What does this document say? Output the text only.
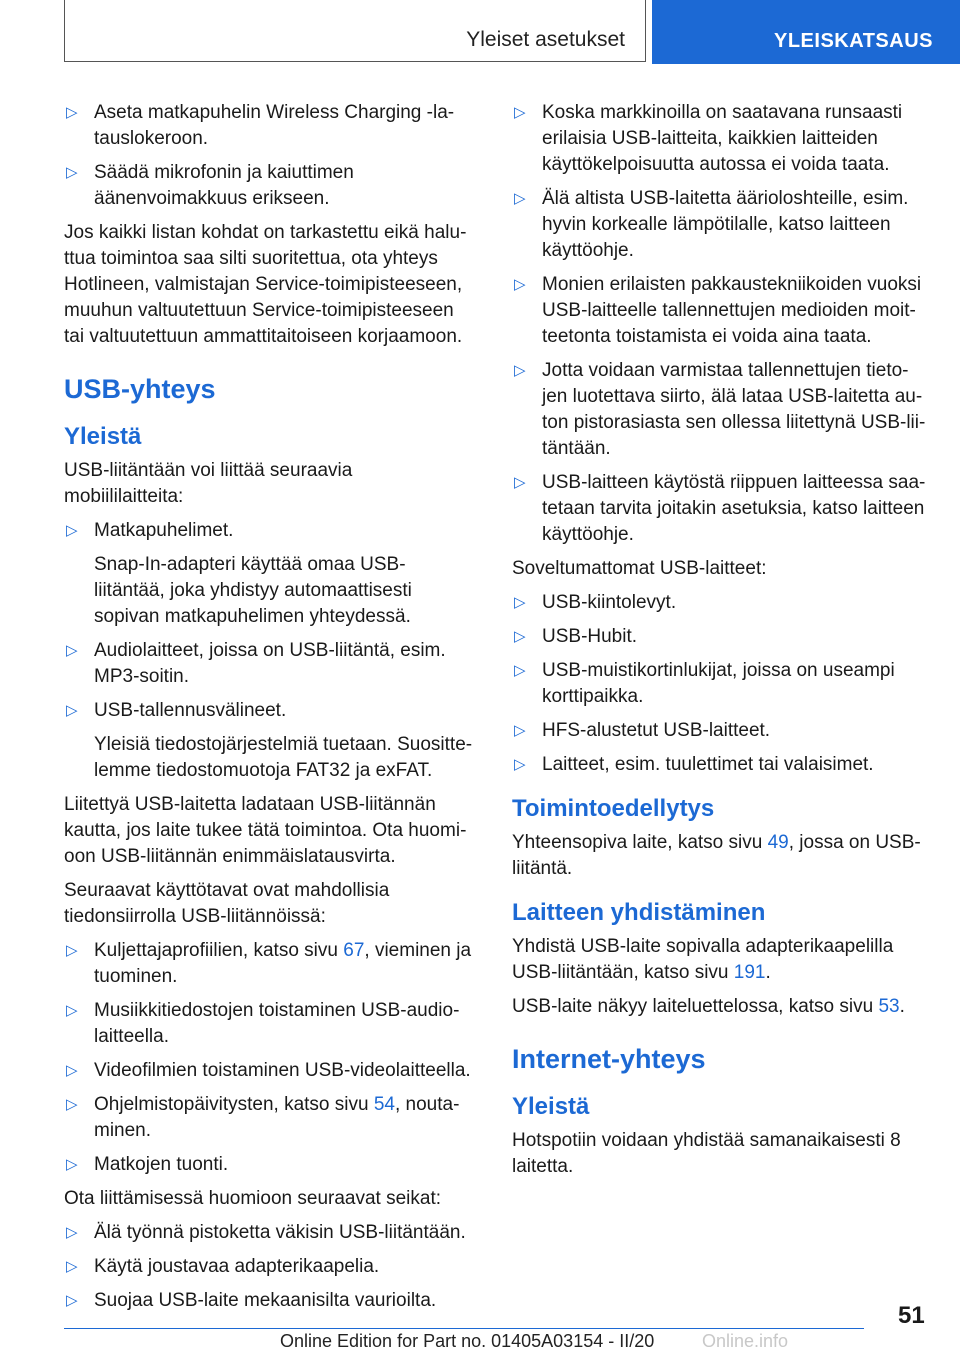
Yleiset asetukset	YLEISKATSAUS
▷ Aseta matkapuhelin Wireless Charging -latauslokeroon.
▷ Säädä mikrofonin ja kaiuttimen äänenvoimakkuus erikseen.

Jos kaikki listan kohdat on tarkastettu eikä haluttua toimintoa saa silti suoritettua, ota yhteys Hotlineen, valmistajan Service-toimipisteeseen, muuhun valtuutettuun Service-toimipisteeseen tai valtuutettuun ammattitaitoiseen korjaamoon.

USB-yhteys
Yleistä

USB-liitäntään voi liittää seuraavia mobiililaitteita:

▷ Matkapuhelimet.
Snap-In-adapteri käyttää omaa USB-liitäntää, joka yhdistyy automaattisesti sopivan matkapuhelimen yhteydessä.
▷ Audiolaitteet, joissa on USB-liitäntä, esim. MP3-soitin.
▷ USB-tallennusvälineet.
Yleisiä tiedostojärjestelmiä tuetaan. Suosittelemme tiedostomuotoja FAT32 ja exFAT.

Liitettyä USB-laitetta ladataan USB-liitännän kautta, jos laite tukee tätä toimintoa. Ota huomioon USB-liitännän enimmäislatausvirta.

Seuraavat käyttötavat ovat mahdollisia tiedonsiirrolla USB-liitännöissä:

▷ Kuljettajaprofiilien, katso sivu 67, vieminen ja tuominen.
▷ Musiikkitiedostojen toistaminen USB-audiolaitteella.
▷ Videofilmien toistaminen USB-videolaitteella.
▷ Ohjelmistopäivitysten, katso sivu 54, noutaminen.
▷ Matkojen tuonti.

Ota liittämisessä huomioon seuraavat seikat:

▷ Älä työnnä pistoketta väkisin USB-liitäntään.
▷ Käytä joustavaa adapterikaapelia.
▷ Suojaa USB-laite mekaanisilta vaurioilta.
▷ Koska markkinoilla on saatavana runsaasti erilaisia USB-laitteita, kaikkien laitteiden käyttökelpoisuutta autossa ei voida taata.
▷ Älä altista USB-laitetta äärioloshteille, esim. hyvin korkealle lämpötilalle, katso laitteen käyttöohje.
▷ Monien erilaisten pakkaustekniikoiden vuoksi USB-laitteelle tallennettujen medioiden moitteetonta toistamista ei voida aina taata.
▷ Jotta voidaan varmistaa tallennettujen tietojen luotettava siirto, älä lataa USB-laitetta auton pistorasiasta sen ollessa liitettynä USB-liitäntään.
▷ USB-laitteen käytöstä riippuen laitteessa saatetaan tarvita joitakin asetuksia, katso laitteen käyttöohje.

Soveltumattomat USB-laitteet:

▷ USB-kiintolevyt.
▷ USB-Hubit.
▷ USB-muistikortinlukijat, joissa on useampi korttipaikka.
▷ HFS-alustetut USB-laitteet.
▷ Laitteet, esim. tuulettimet tai valaisimet.
Toimintoedellytys

Yhteensopiva laite, katso sivu 49, jossa on USB-liitäntä.

Laitteen yhdistäminen

Yhdistä USB-laite sopivalla adapterikaapelilla USB-liitäntään, katso sivu 191.

USB-laite näkyy laiteluettelossa, katso sivu 53.

Internet-yhteys
Yleistä

Hotspotiin voidaan yhdistää samanaikaisesti 8 laitetta.

51
Online Edition for Part no. 01405A03154 - II/20	Online.info
